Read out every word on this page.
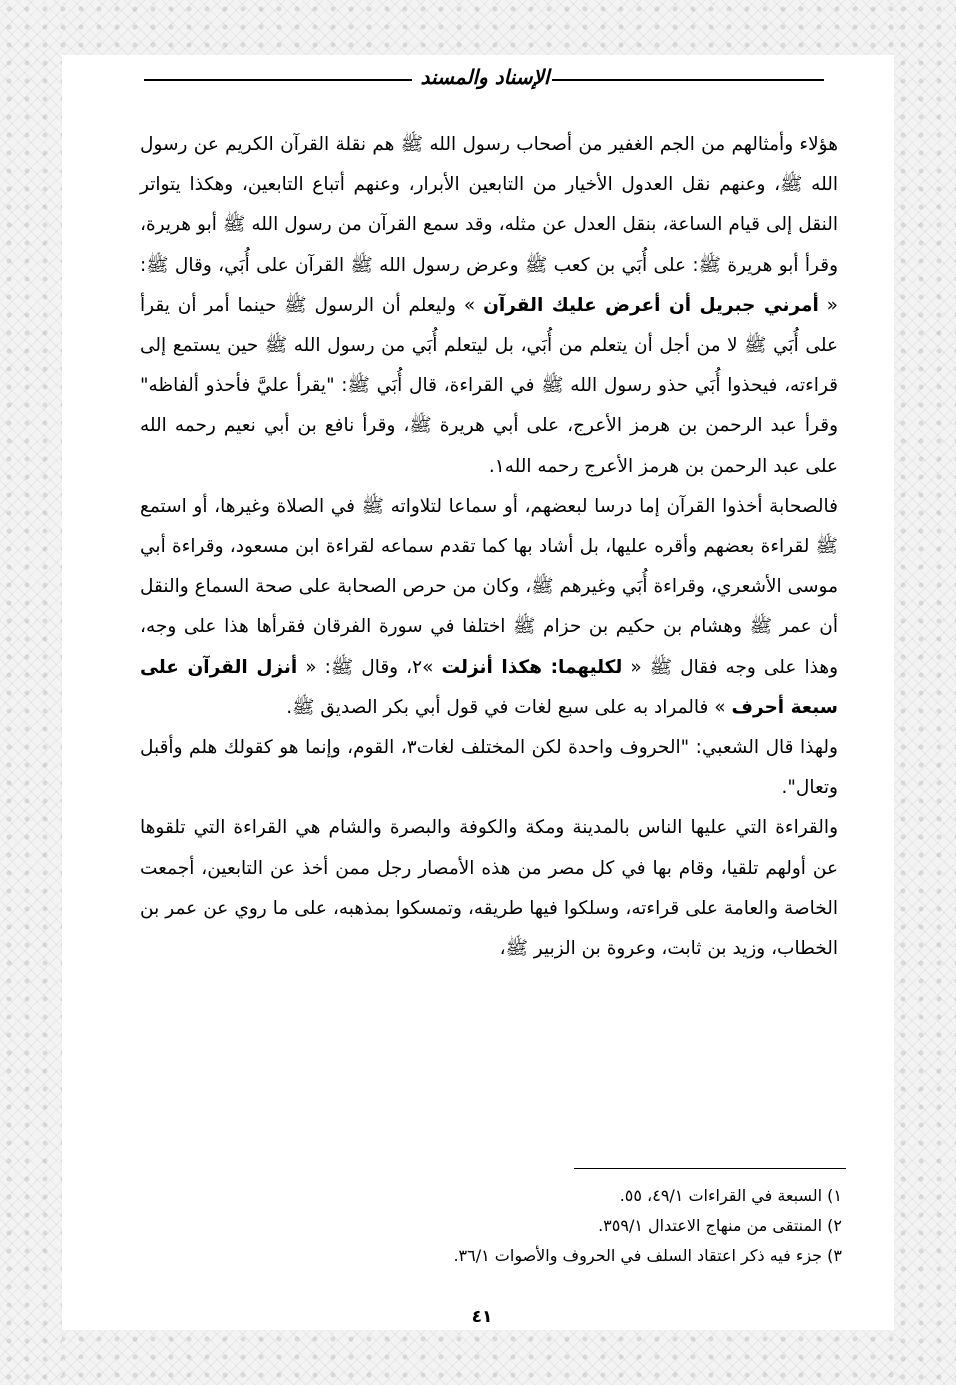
الإسناد والمسند

هؤلاء وأمثالهم من الجم الغفير من أصحاب رسول الله ﷺ هم نقلة القرآن الكريم عن رسول الله ﷺ، وعنهم نقل العدول الأخيار من التابعين الأبرار، وعنهم أتباع التابعين، وهكذا يتواتر النقل إلى قيام الساعة، بنقل العدل عن مثله، وقد سمع القرآن من رسول الله ﷺ أبو هريرة، وقرأ أبو هريرة ﷺ: على أُبَي بن كعب ﷺ وعرض رسول الله ﷺ القرآن على أُبَي، وقال ﷺ: « أمرني جبريل أن أعرض عليك القرآن » وليعلم أن الرسول ﷺ حينما أمر أن يقرأ على أُبَي ﷺ لا من أجل أن يتعلم من أُبَي، بل ليتعلم أُبَي من رسول الله ﷺ حين يستمع إلى قراءته، فيحذوا أُبَي حذو رسول الله ﷺ في القراءة، قال أُبَي ﷺ: "يقرأ عليَّ فأحذو ألفاظه" وقرأ عبد الرحمن بن هرمز الأعرج، على أبي هريرة ﷺ، وقرأ نافع بن أبي نعيم رحمه الله على عبد الرحمن بن هرمز الأعرج رحمه الله١.

فالصحابة أخذوا القرآن إما درسا لبعضهم، أو سماعا لتلاواته ﷺ في الصلاة وغيرها، أو استمع ﷺ لقراءة بعضهم وأقره عليها، بل أشاد بها كما تقدم سماعه لقراءة ابن مسعود، وقراءة أبي موسى الأشعري، وقراءة أُبَي وغيرهم ﷺ، وكان من حرص الصحابة على صحة السماع والنقل أن عمر ﷺ وهشام بن حكيم بن حزام ﷺ اختلفا في سورة الفرقان فقرأها هذا على وجه، وهذا على وجه فقال ﷺ « لكليهما: هكذا أنزلت »٢، وقال ﷺ: « أنزل القرآن على سبعة أحرف » فالمراد به على سبع لغات في قول أبي بكر الصديق ﷺ.

ولهذا قال الشعبي: "الحروف واحدة لكن المختلف لغات٣، القوم، وإنما هو كقولك هلم وأقبل وتعال".

والقراءة التي عليها الناس بالمدينة ومكة والكوفة والبصرة والشام هي القراءة التي تلقوها عن أولهم تلقيا، وقام بها في كل مصر من هذه الأمصار رجل ممن أخذ عن التابعين، أجمعت الخاصة والعامة على قراءته، وسلكوا فيها طريقه، وتمسكوا بمذهبه، على ما روي عن عمر بن الخطاب، وزيد بن ثابت، وعروة بن الزبير ﷺ،

١) السبعة في القراءات ٤٩/١، ٥٥.
٢) المنتقى من منهاج الاعتدال ٣٥٩/١.
٣) جزء فيه ذكر اعتقاد السلف في الحروف والأصوات ٣٦/١.
٤١
